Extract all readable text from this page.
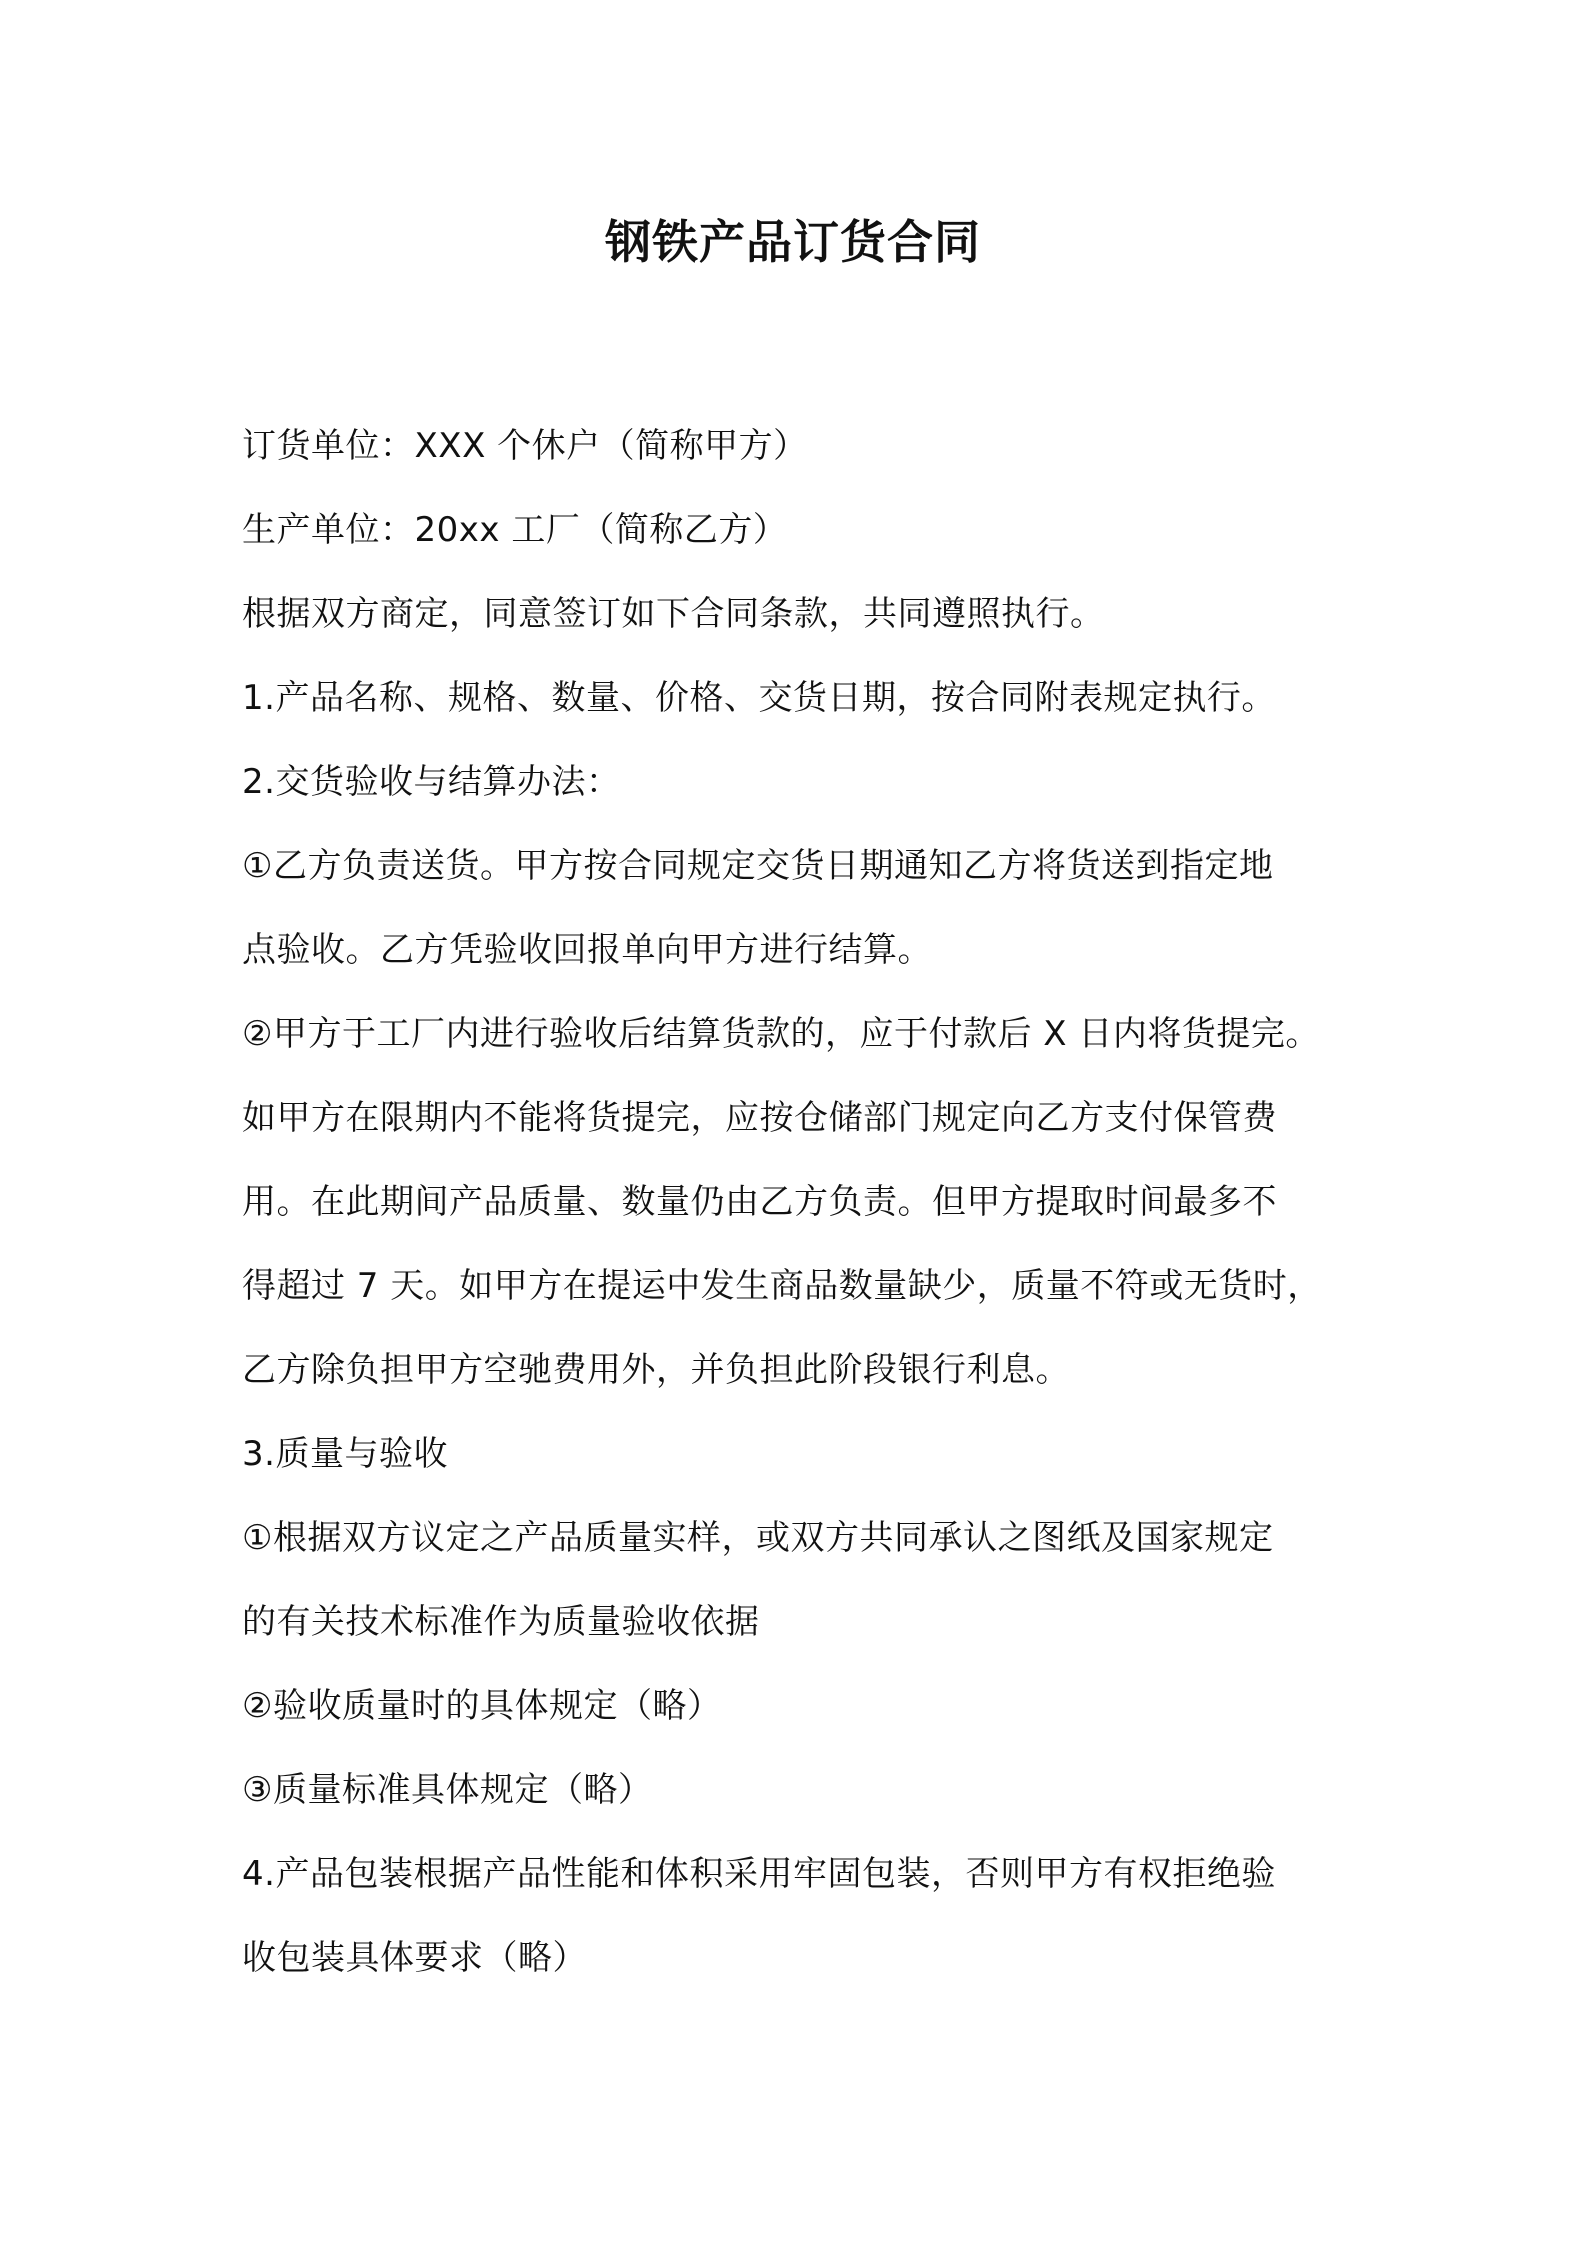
钢铁产品订货合同
订货单位：XXX 个休户（简称甲方）
生产单位：20xx 工厂（简称乙方）
根据双方商定，同意签订如下合同条款，共同遵照执行。
1.产品名称、规格、数量、价格、交货日期，按合同附表规定执行。
2.交货验收与结算办法：
①乙方负责送货。甲方按合同规定交货日期通知乙方将货送到指定地
点验收。乙方凭验收回报单向甲方进行结算。
②甲方于工厂内进行验收后结算货款的，应于付款后 X 日内将货提完。
如甲方在限期内不能将货提完，应按仓储部门规定向乙方支付保管费
用。在此期间产品质量、数量仍由乙方负责。但甲方提取时间最多不
得超过 7 天。如甲方在提运中发生商品数量缺少，质量不符或无货时，
乙方除负担甲方空驰费用外，并负担此阶段银行利息。
3.质量与验收
①根据双方议定之产品质量实样，或双方共同承认之图纸及国家规定
的有关技术标准作为质量验收依据
②验收质量时的具体规定（略）
③质量标准具体规定（略）
4.产品包装根据产品性能和体积采用牢固包装，否则甲方有权拒绝验
收包装具体要求（略）
